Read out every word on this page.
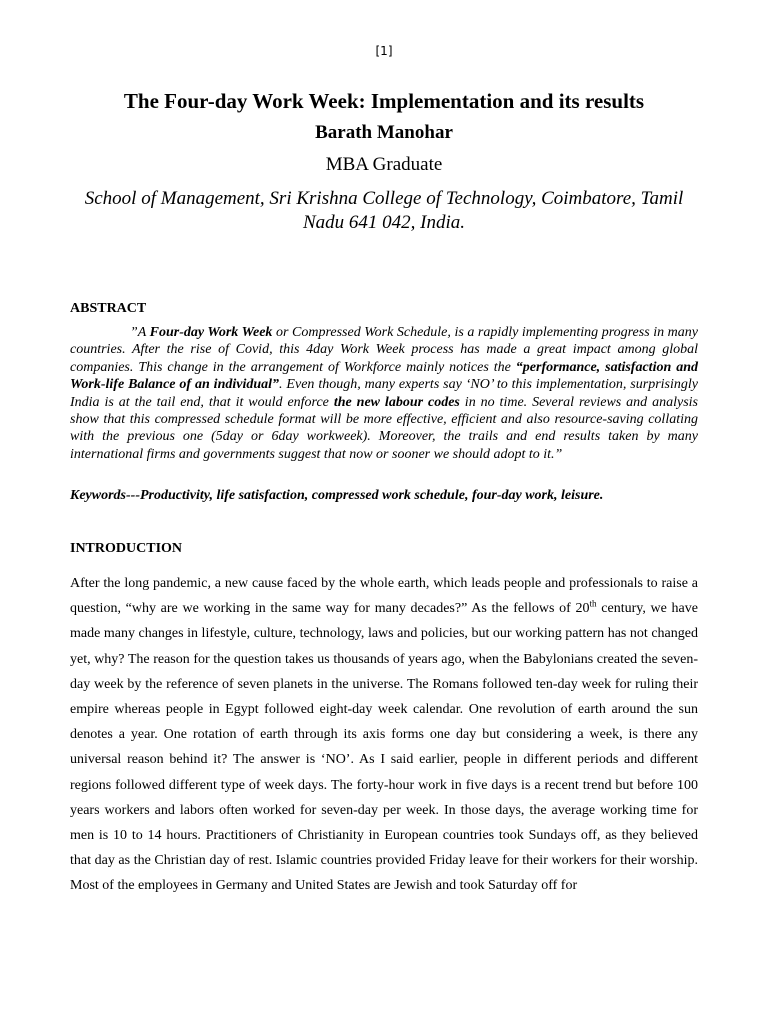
[1]
The Four-day Work Week: Implementation and its results
Barath Manohar
MBA Graduate
School of Management, Sri Krishna College of Technology, Coimbatore, Tamil Nadu 641 042, India.
ABSTRACT

”A Four-day Work Week or Compressed Work Schedule, is a rapidly implementing progress in many countries. After the rise of Covid, this 4day Work Week process has made a great impact among global companies. This change in the arrangement of Workforce mainly notices the “performance, satisfaction and Work-life Balance of an individual”. Even though, many experts say ‘NO’ to this implementation, surprisingly India is at the tail end, that it would enforce the new labour codes in no time. Several reviews and analysis show that this compressed schedule format will be more effective, efficient and also resource-saving collating with the previous one (5day or 6day workweek). Moreover, the trails and end results taken by many international firms and governments suggest that now or sooner we should adopt to it.”

Keywords---Productivity, life satisfaction, compressed work schedule, four-day work, leisure.

INTRODUCTION

After the long pandemic, a new cause faced by the whole earth, which leads people and professionals to raise a question, “why are we working in the same way for many decades?” As the fellows of 20th century, we have made many changes in lifestyle, culture, technology, laws and policies, but our working pattern has not changed yet, why? The reason for the question takes us thousands of years ago, when the Babylonians created the seven-day week by the reference of seven planets in the universe. The Romans followed ten-day week for ruling their empire whereas people in Egypt followed eight-day week calendar. One revolution of earth around the sun denotes a year. One rotation of earth through its axis forms one day but considering a week, is there any universal reason behind it? The answer is ‘NO’. As I said earlier, people in different periods and different regions followed different type of week days. The forty-hour work in five days is a recent trend but before 100 years workers and labors often worked for seven-day per week. In those days, the average working time for men is 10 to 14 hours. Practitioners of Christianity in European countries took Sundays off, as they believed that day as the Christian day of rest. Islamic countries provided Friday leave for their workers for their worship. Most of the employees in Germany and United States are Jewish and took Saturday off for
